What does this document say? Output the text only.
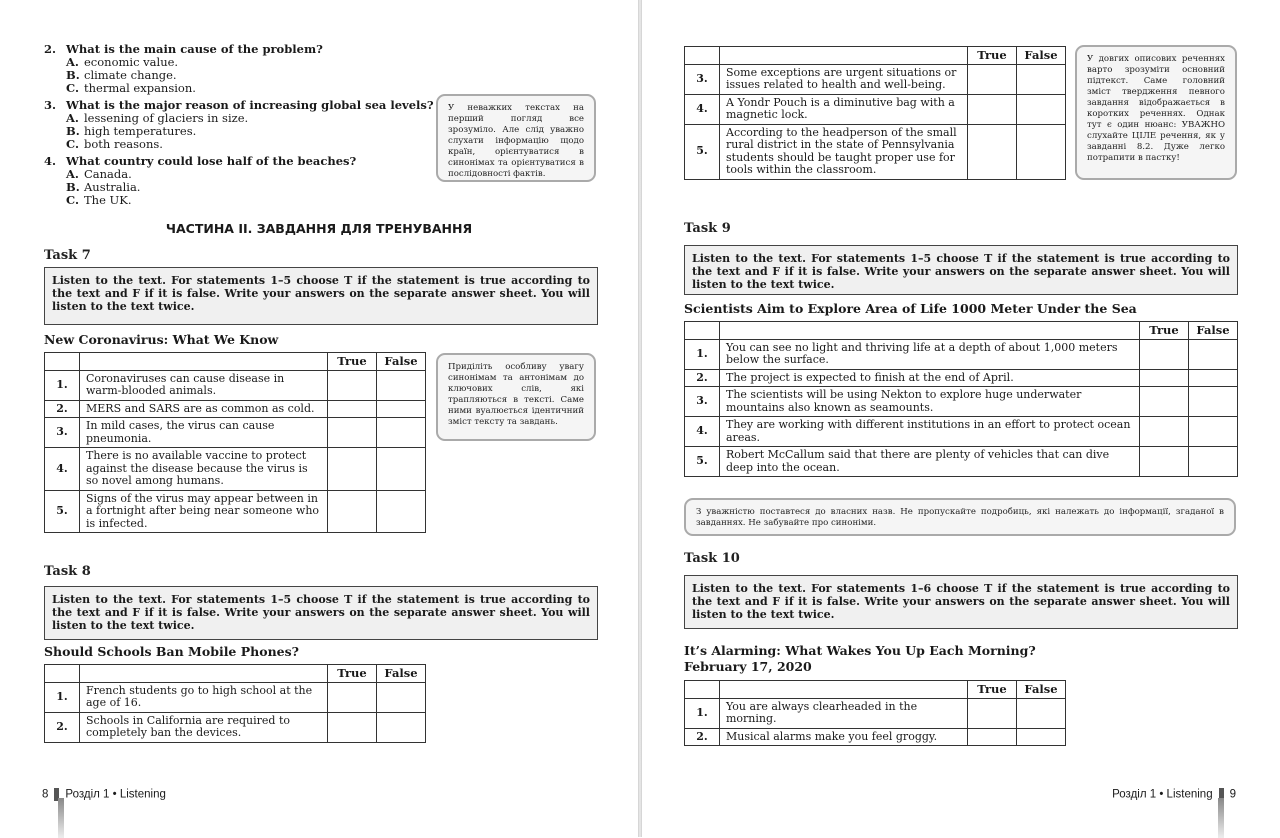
2. What is the main cause of the problem?
A. economic value.
B. climate change.
C. thermal expansion.
3. What is the major reason of increasing global sea levels?
A. lessening of glaciers in size.
B. high temperatures.
C. both reasons.
4. What country could lose half of the beaches?
A. Canada.
B. Australia.
C. The UK.
У неважких текстах на перший погляд все зрозуміло. Але слід уважно слухати інформацію щодо країн, орієнтуватися в синонімах та орієнтуватися в послідовності фактів.
ЧАСТИНА ІІ. ЗАВДАННЯ ДЛЯ ТРЕНУВАННЯ
Task 7
Listen to the text. For statements 1–5 choose T if the statement is true according to the text and F if it is false. Write your answers on the separate answer sheet. You will listen to the text twice.
New Coronavirus: What We Know
		True	False
1.	Coronaviruses can cause disease in warm-blooded animals.		
2.	MERS and SARS are as common as cold.		
3.	In mild cases, the virus can cause pneumonia.		
4.	There is no available vaccine to protect against the disease because the virus is so novel among humans.		
5.	Signs of the virus may appear between in a fortnight after being near someone who is infected.		
Приділіть особливу увагу синонімам та антонімам до ключових слів, які трапляються в тексті. Саме ними вуалюється ідентичний зміст тексту та завдань.
Task 8
Listen to the text. For statements 1–5 choose T if the statement is true according to the text and F if it is false. Write your answers on the separate answer sheet. You will listen to the text twice.
Should Schools Ban Mobile Phones?
		True	False
1.	French students go to high school at the age of 16.		
2.	Schools in California are required to completely ban the devices.		
8 Розділ 1 • Listening
		True	False
3.	Some exceptions are urgent situations or issues related to health and well-being.		
4.	A Yondr Pouch is a diminutive bag with a magnetic lock.		
5.	According to the headperson of the small rural district in the state of Pennsylvania students should be taught proper use for tools within the classroom.		
У довгих описових реченнях варто зрозуміти основний підтекст. Саме головний зміст твердження певного завдання відображається в коротких реченнях. Однак тут є один нюанс: УВАЖНО слухайте ЦІЛЕ речення, як у завданні 8.2. Дуже легко потрапити в пастку!
Task 9
Listen to the text. For statements 1–5 choose T if the statement is true according to the text and F if it is false. Write your answers on the separate answer sheet. You will listen to the text twice.
Scientists Aim to Explore Area of Life 1000 Meter Under the Sea
		True	False
1.	You can see no light and thriving life at a depth of about 1,000 meters below the surface.		
2.	The project is expected to finish at the end of April.		
3.	The scientists will be using Nekton to explore huge underwater mountains also known as seamounts.		
4.	They are working with different institutions in an effort to protect ocean areas.		
5.	Robert McCallum said that there are plenty of vehicles that can dive deep into the ocean.		
З уважністю поставтеся до власних назв. Не пропускайте подробиць, які належать до інформації, згаданої в завданнях. Не забувайте про синоніми.
Task 10
Listen to the text. For statements 1–6 choose T if the statement is true according to the text and F if it is false. Write your answers on the separate answer sheet. You will listen to the text twice.
It’s Alarming: What Wakes You Up Each Morning?
February 17, 2020
		True	False
1.	You are always clearheaded in the morning.		
2.	Musical alarms make you feel groggy.		
Розділ 1 • Listening 9
